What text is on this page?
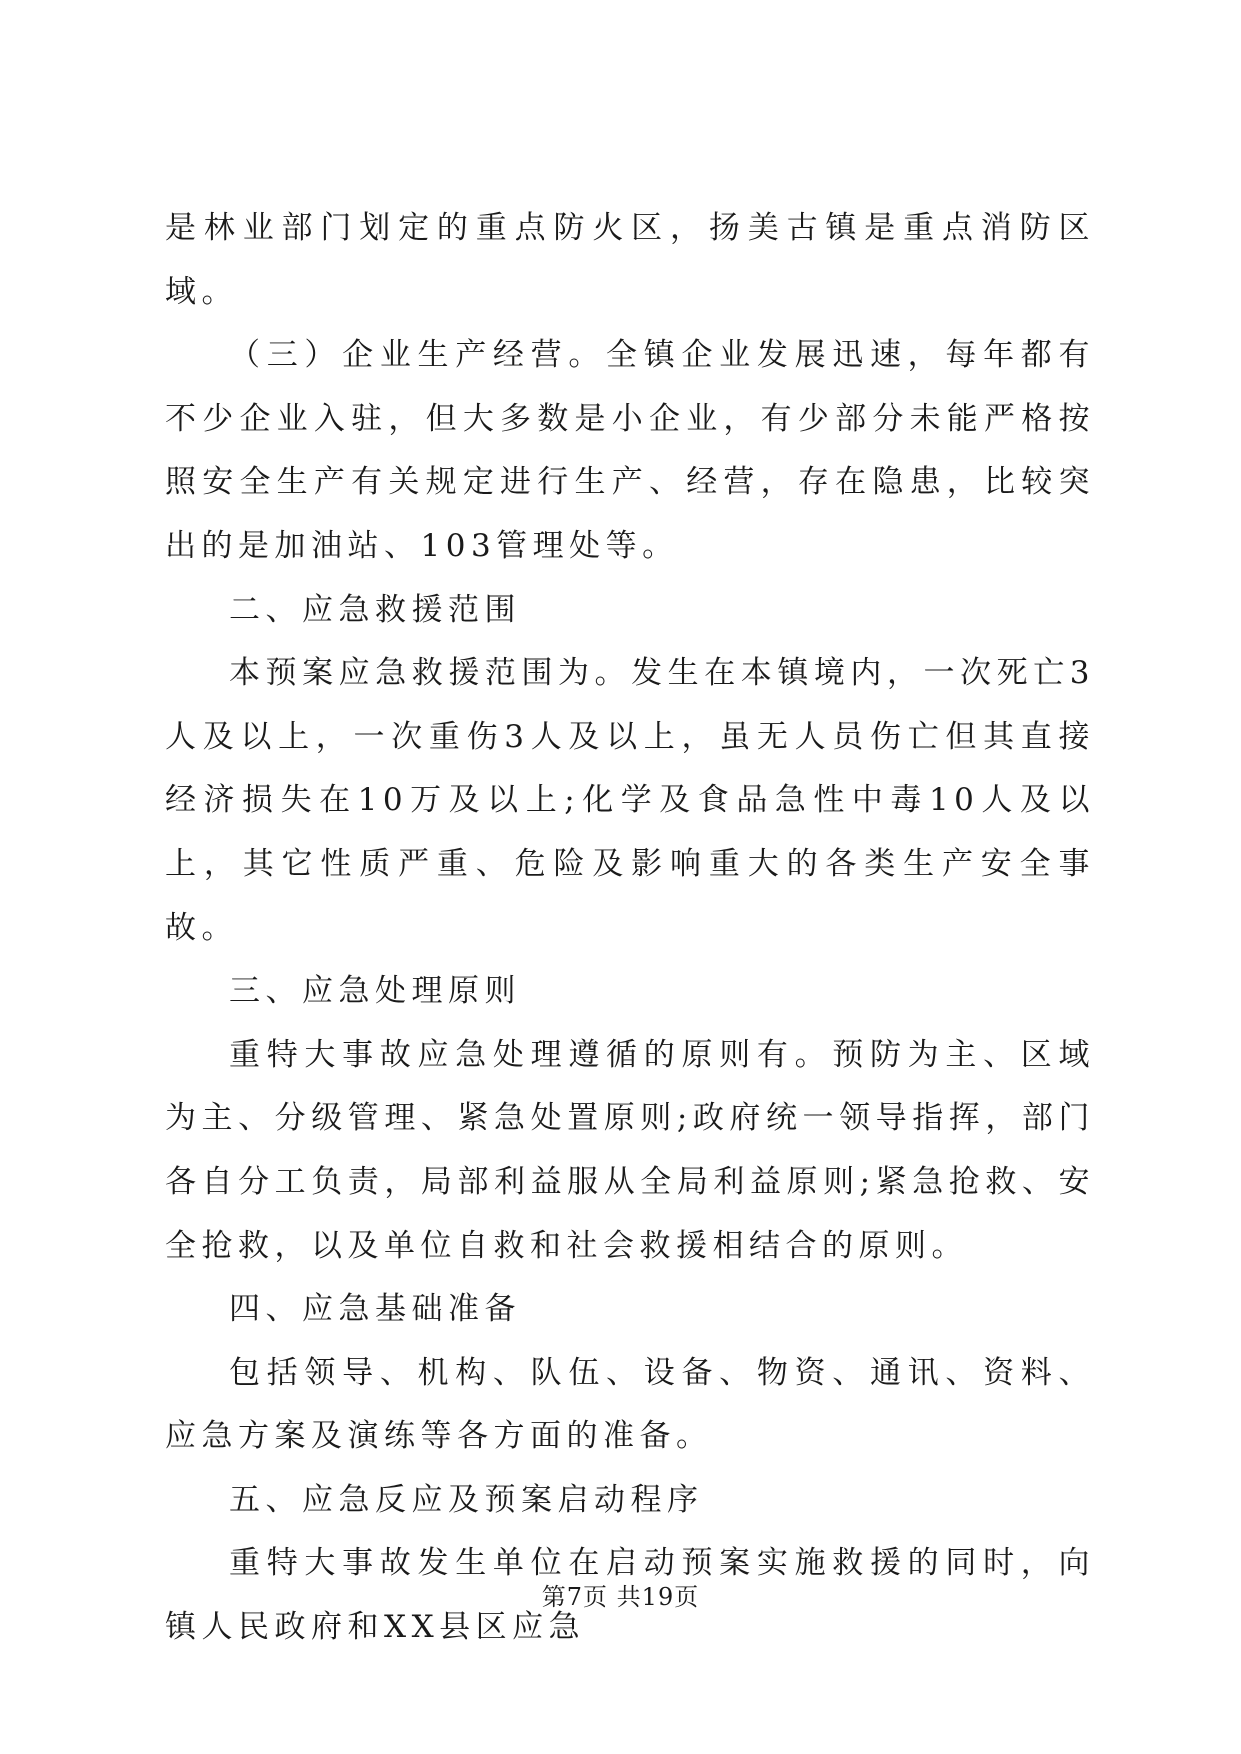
是林业部门划定的重点防火区，扬美古镇是重点消防区域。

（三）企业生产经营。全镇企业发展迅速，每年都有不少企业入驻，但大多数是小企业，有少部分未能严格按照安全生产有关规定进行生产、经营，存在隐患，比较突出的是加油站、103管理处等。

二、应急救援范围

本预案应急救援范围为。发生在本镇境内，一次死亡3人及以上，一次重伤3人及以上，虽无人员伤亡但其直接经济损失在10万及以上;化学及食品急性中毒10人及以上，其它性质严重、危险及影响重大的各类生产安全事故。

三、应急处理原则

重特大事故应急处理遵循的原则有。预防为主、区域为主、分级管理、紧急处置原则;政府统一领导指挥，部门各自分工负责，局部利益服从全局利益原则;紧急抢救、安全抢救，以及单位自救和社会救援相结合的原则。

四、应急基础准备

包括领导、机构、队伍、设备、物资、通讯、资料、应急方案及演练等各方面的准备。

五、应急反应及预案启动程序

重特大事故发生单位在启动预案实施救援的同时，向镇人民政府和XX县区应急

第7页 共19页
